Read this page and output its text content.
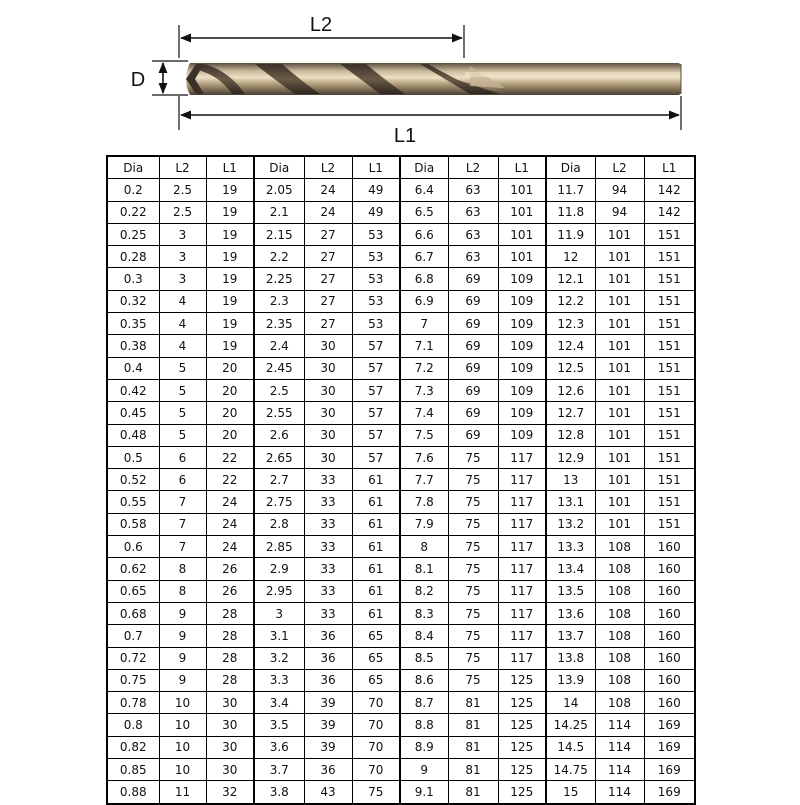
L2
D
L1
Dia	L2	L1	Dia	L2	L1	Dia	L2	L1	Dia	L2	L1
0.2	2.5	19	2.05	24	49	6.4	63	101	11.7	94	142
0.22	2.5	19	2.1	24	49	6.5	63	101	11.8	94	142
0.25	3	19	2.15	27	53	6.6	63	101	11.9	101	151
0.28	3	19	2.2	27	53	6.7	63	101	12	101	151
0.3	3	19	2.25	27	53	6.8	69	109	12.1	101	151
0.32	4	19	2.3	27	53	6.9	69	109	12.2	101	151
0.35	4	19	2.35	27	53	7	69	109	12.3	101	151
0.38	4	19	2.4	30	57	7.1	69	109	12.4	101	151
0.4	5	20	2.45	30	57	7.2	69	109	12.5	101	151
0.42	5	20	2.5	30	57	7.3	69	109	12.6	101	151
0.45	5	20	2.55	30	57	7.4	69	109	12.7	101	151
0.48	5	20	2.6	30	57	7.5	69	109	12.8	101	151
0.5	6	22	2.65	30	57	7.6	75	117	12.9	101	151
0.52	6	22	2.7	33	61	7.7	75	117	13	101	151
0.55	7	24	2.75	33	61	7.8	75	117	13.1	101	151
0.58	7	24	2.8	33	61	7.9	75	117	13.2	101	151
0.6	7	24	2.85	33	61	8	75	117	13.3	108	160
0.62	8	26	2.9	33	61	8.1	75	117	13.4	108	160
0.65	8	26	2.95	33	61	8.2	75	117	13.5	108	160
0.68	9	28	3	33	61	8.3	75	117	13.6	108	160
0.7	9	28	3.1	36	65	8.4	75	117	13.7	108	160
0.72	9	28	3.2	36	65	8.5	75	117	13.8	108	160
0.75	9	28	3.3	36	65	8.6	75	125	13.9	108	160
0.78	10	30	3.4	39	70	8.7	81	125	14	108	160
0.8	10	30	3.5	39	70	8.8	81	125	14.25	114	169
0.82	10	30	3.6	39	70	8.9	81	125	14.5	114	169
0.85	10	30	3.7	36	70	9	81	125	14.75	114	169
0.88	11	32	3.8	43	75	9.1	81	125	15	114	169
